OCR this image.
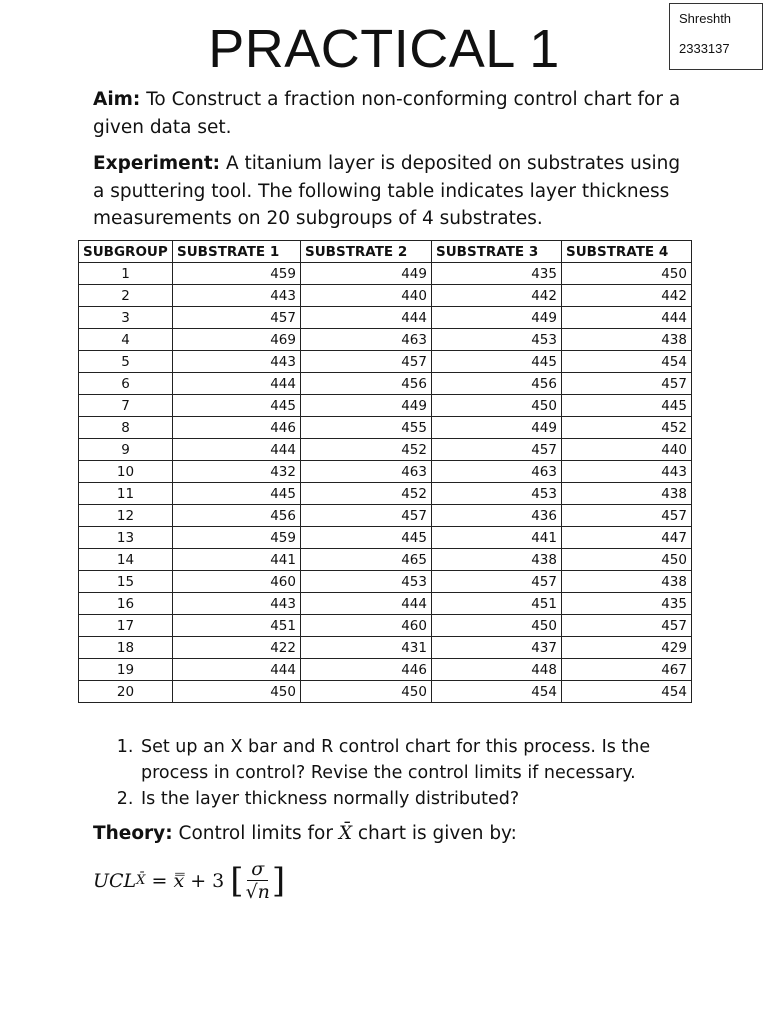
PRACTICAL 1
Shreshth
2333137
Aim: To Construct a fraction non-conforming control chart for a given data set.
Experiment: A titanium layer is deposited on substrates using a sputtering tool. The following table indicates layer thickness measurements on 20 subgroups of 4 substrates.
SUBGROUP	SUBSTRATE 1	SUBSTRATE 2	SUBSTRATE 3	SUBSTRATE 4
1	459	449	435	450
2	443	440	442	442
3	457	444	449	444
4	469	463	453	438
5	443	457	445	454
6	444	456	456	457
7	445	449	450	445
8	446	455	449	452
9	444	452	457	440
10	432	463	463	443
11	445	452	453	438
12	456	457	436	457
13	459	445	441	447
14	441	465	438	450
15	460	453	457	438
16	443	444	451	435
17	451	460	450	457
18	422	431	437	429
19	444	446	448	467
20	450	450	454	454
1. Set up an X bar and R control chart for this process. Is the process in control? Revise the control limits if necessary.
2. Is the layer thickness normally distributed?
Theory: Control limits for X̄ chart is given by:
UCL X̄ = x̿ + 3 [ $\frac{\sigma}{√n}$ ]
